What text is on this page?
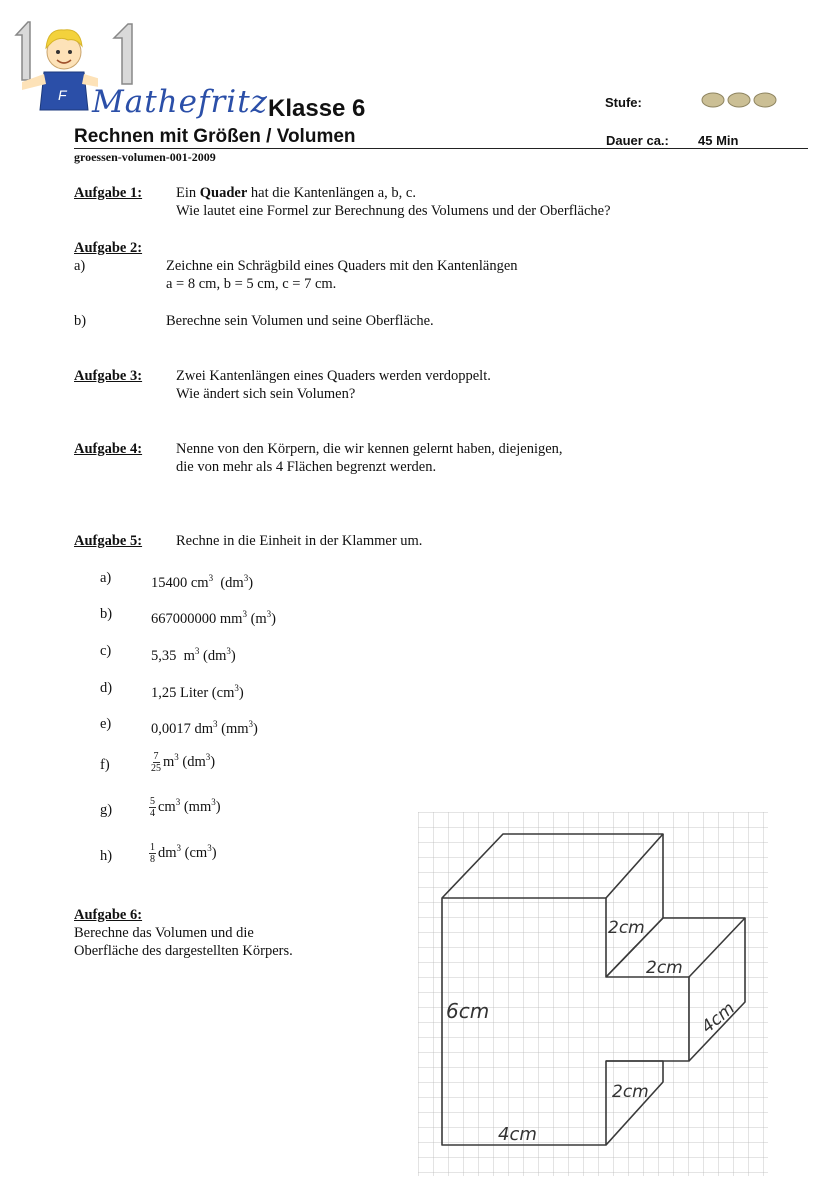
F Mathefritz Klasse 6	Stufe:
Rechnen mit Größen / Volumen	Dauer ca.: 45 Min
groessen-volumen-001-2009
Aufgabe 1: Ein Quader hat die Kantenlängen a, b, c.
Wie lautet eine Formel zur Berechnung des Volumens und der Oberfläche?
Aufgabe 2:
a)	Zeichne ein Schrägbild eines Quaders mit den Kantenlängen
a = 8 cm, b = 5 cm, c = 7 cm.
b)	Berechne sein Volumen und seine Oberfläche.
Aufgabe 3: Zwei Kantenlängen eines Quaders werden verdoppelt.
Wie ändert sich sein Volumen?
Aufgabe 4: Nenne von den Körpern, die wir kennen gelernt haben, diejenigen,
die von mehr als 4 Flächen begrenzt werden.
Aufgabe 5: Rechne in die Einheit in der Klammer um.
a)	15400 $cm^3$  $(dm^3)$
b)	667000000 $mm^3$ $(m^3)$
c)	5,35  $m^3$ $(dm^3)$
d)	1,25 Liter $(cm^3)$
e)	0,0017 $dm^3$ $(mm^3)$
f)	$\frac{7}{25} m^3$ $(dm^3)$
g)	$\frac{5}{4} cm^3$ $(mm^3)$
h)	$\frac{1}{8} dm^3$ $(cm^3)$
Aufgabe 6:
Berechne das Volumen und die
Oberfläche des dargestellten Körpers.
2cm
2cm
6cm	4cm
2cm
4cm
